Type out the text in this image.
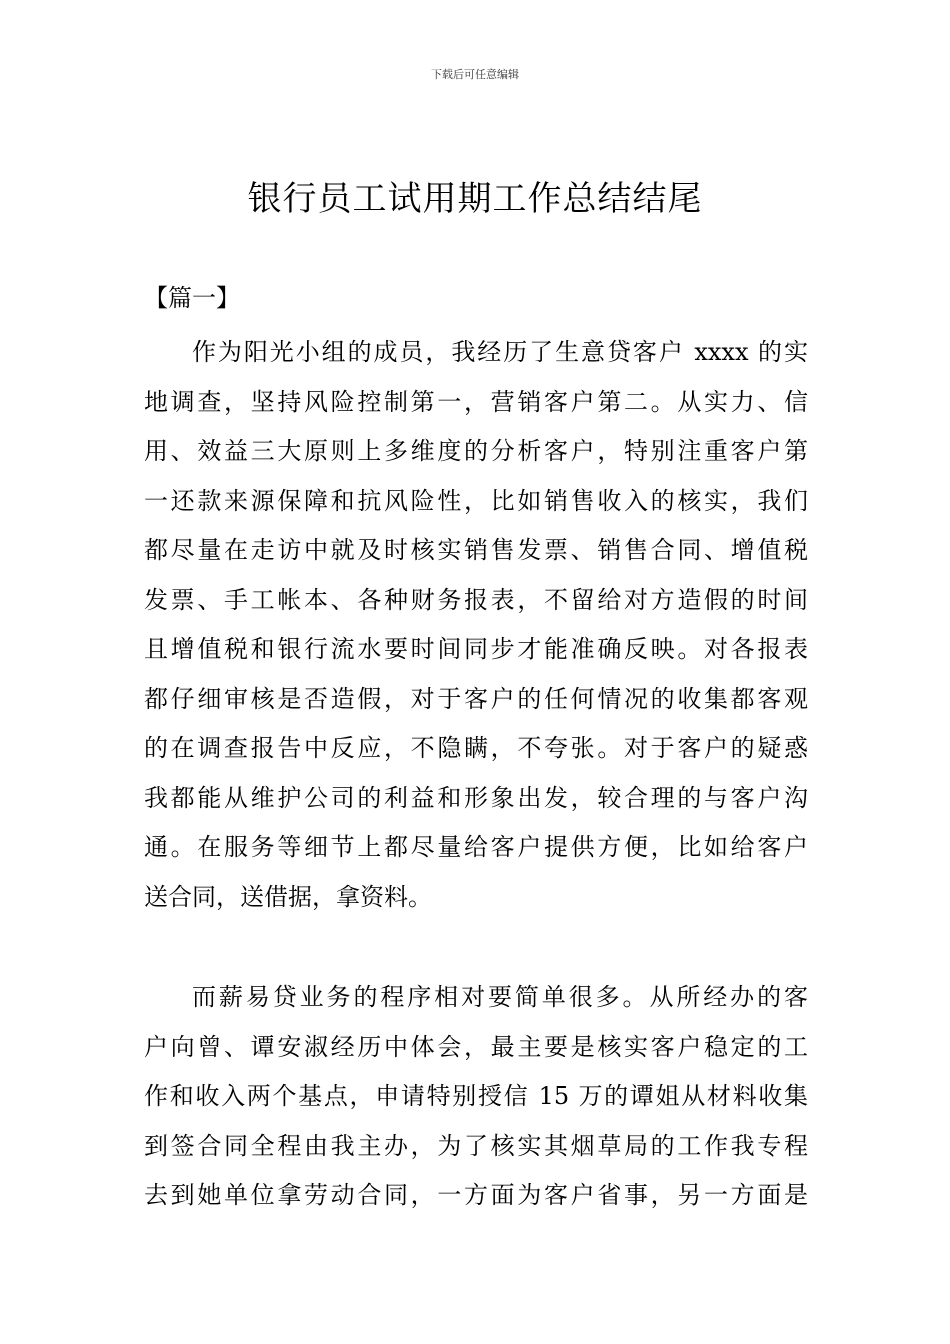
下载后可任意编辑
银行员工试用期工作总结结尾
【篇一】
作为阳光小组的成员，我经历了生意贷客户 xxxx 的实
地调查，坚持风险控制第一，营销客户第二。从实力、信
用、效益三大原则上多维度的分析客户，特别注重客户第
一还款来源保障和抗风险性，比如销售收入的核实，我们
都尽量在走访中就及时核实销售发票、销售合同、增值税
发票、手工帐本、各种财务报表，不留给对方造假的时间
且增值税和银行流水要时间同步才能准确反映。对各报表
都仔细审核是否造假，对于客户的任何情况的收集都客观
的在调查报告中反应，不隐瞒，不夸张。对于客户的疑惑
我都能从维护公司的利益和形象出发，较合理的与客户沟
通。在服务等细节上都尽量给客户提供方便，比如给客户
送合同，送借据，拿资料。
而薪易贷业务的程序相对要简单很多。从所经办的客
户向曾、谭安淑经历中体会，最主要是核实客户稳定的工
作和收入两个基点，申请特别授信 15 万的谭姐从材料收集
到签合同全程由我主办，为了核实其烟草局的工作我专程
去到她单位拿劳动合同，一方面为客户省事，另一方面是
